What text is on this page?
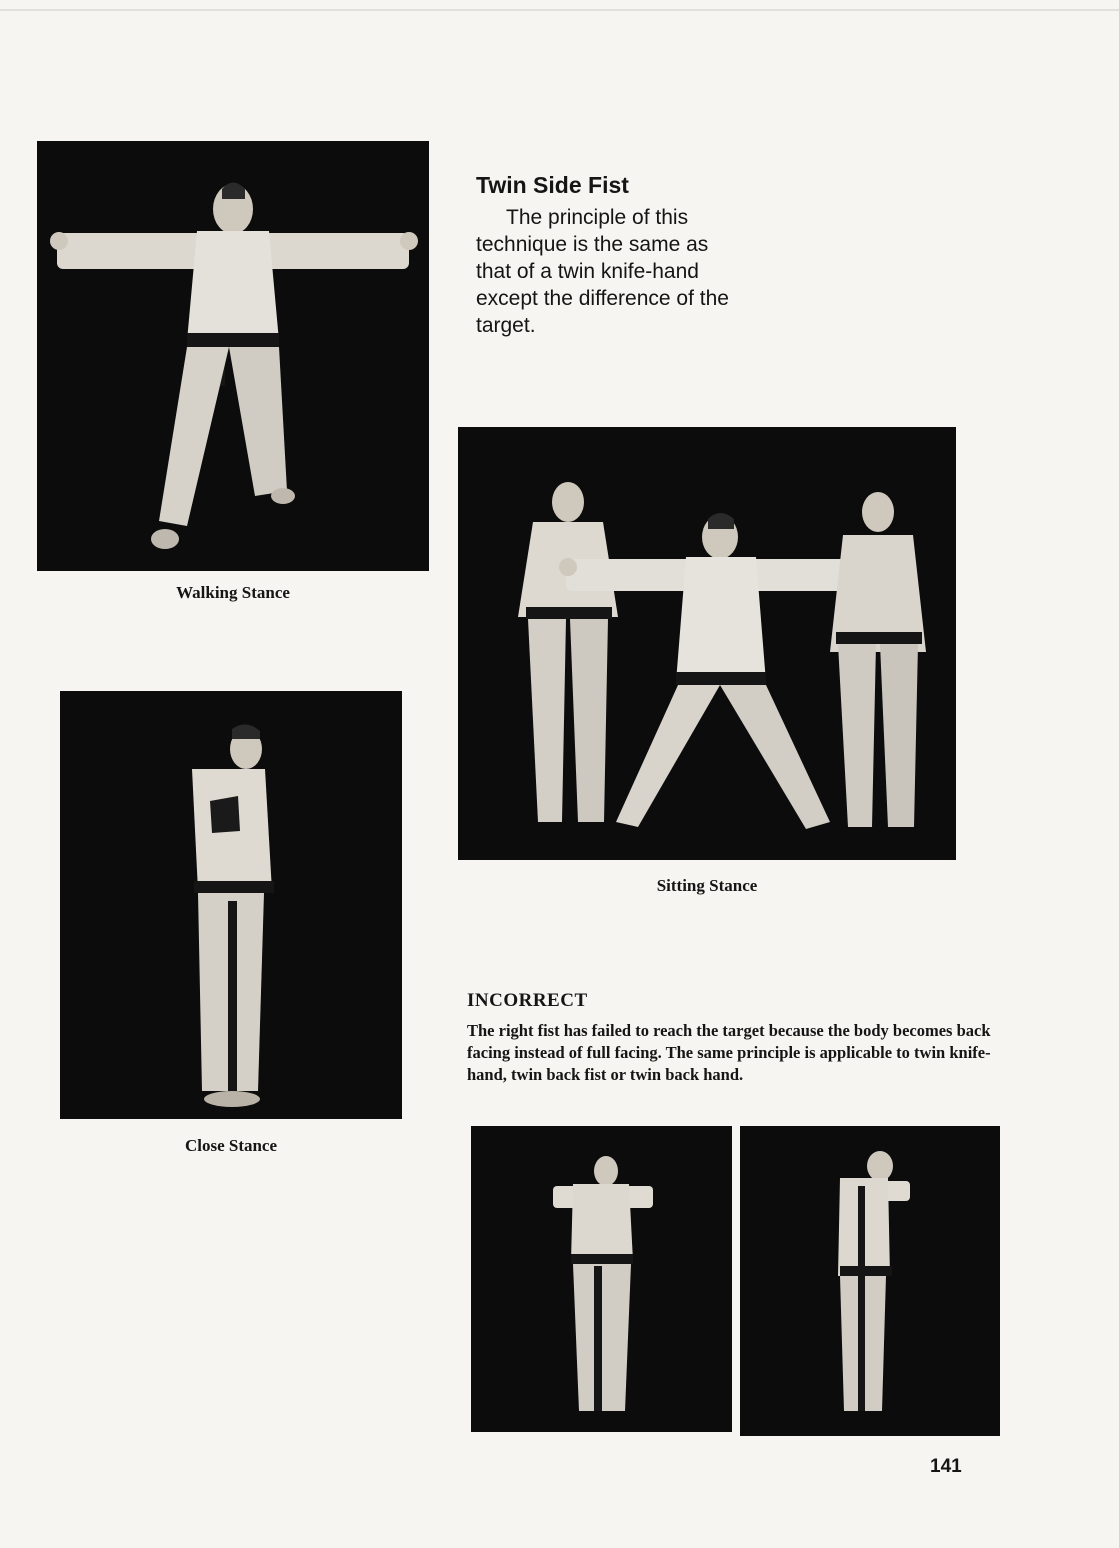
Walking Stance
Twin Side Fist

The principle of this technique is the same as that of a twin knife-hand except the difference of the target.

Sitting Stance
Close Stance
INCORRECT

The right fist has failed to reach the target because the body becomes back facing instead of full facing. The same principle is applicable to twin knife-hand, twin back fist or twin back hand.

141
